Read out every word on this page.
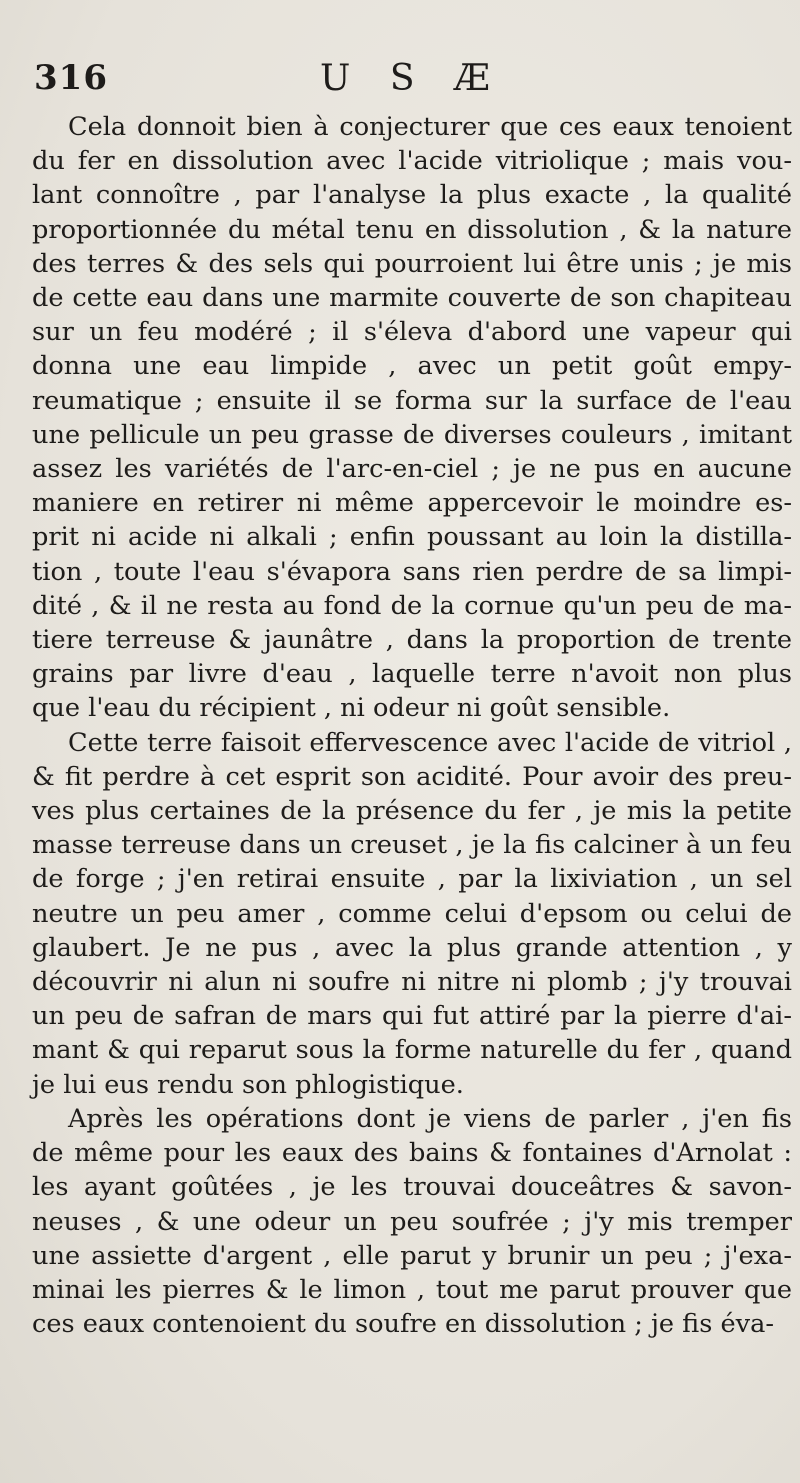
316	U S Æ

Cela donnoit bien à conjecturer que ces eaux tenoient
du fer en dissolution avec l'acide vitriolique ; mais vou-
lant connoître , par l'analyse la plus exacte , la qualité
proportionnée du métal tenu en dissolution , & la nature
des terres & des sels qui pourroient lui être unis ; je mis
de cette eau dans une marmite couverte de son chapiteau
sur un feu modéré ; il s'éleva d'abord une vapeur qui
donna une eau limpide , avec un petit goût empy-
reumatique ; ensuite il se forma sur la surface de l'eau
une pellicule un peu grasse de diverses couleurs , imitant
assez les variétés de l'arc-en-ciel ; je ne pus en aucune
maniere en retirer ni même appercevoir le moindre es-
prit ni acide ni alkali ; enfin poussant au loin la distilla-
tion , toute l'eau s'évapora sans rien perdre de sa limpi-
dité , & il ne resta au fond de la cornue qu'un peu de ma-
tiere terreuse & jaunâtre , dans la proportion de trente
grains par livre d'eau , laquelle terre n'avoit non plus
que l'eau du récipient , ni odeur ni goût sensible.

Cette terre faisoit effervescence avec l'acide de vitriol ,
& fit perdre à cet esprit son acidité. Pour avoir des preu-
ves plus certaines de la présence du fer , je mis la petite
masse terreuse dans un creuset , je la fis calciner à un feu
de forge ; j'en retirai ensuite , par la lixiviation , un sel
neutre un peu amer , comme celui d'epsom ou celui de
glaubert. Je ne pus , avec la plus grande attention , y
découvrir ni alun ni soufre ni nitre ni plomb ; j'y trouvai
un peu de safran de mars qui fut attiré par la pierre d'ai-
mant & qui reparut sous la forme naturelle du fer , quand
je lui eus rendu son phlogistique.

Après les opérations dont je viens de parler , j'en fis
de même pour les eaux des bains & fontaines d'Arnolat :
les ayant goûtées , je les trouvai douceâtres & savon-
neuses , & une odeur un peu soufrée ; j'y mis tremper
une assiette d'argent , elle parut y brunir un peu ; j'exa-
minai les pierres & le limon , tout me parut prouver que
ces eaux contenoient du soufre en dissolution ; je fis éva-
